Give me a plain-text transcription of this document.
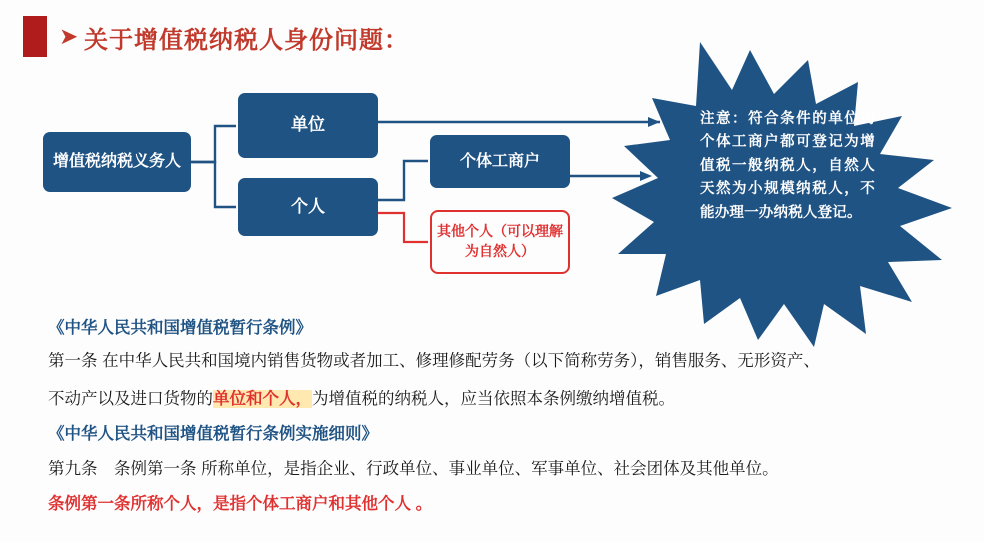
➤ 关于增值税纳税人身份问题：
注意：符合条件的单位的个体工商户都可登记为增值税一般纳税人，自然人天然为小规模纳税人，不能办理一办纳税人登记。
增值税纳税义务人
单位
个人
个体工商户
其他个人（可以理解为自然人）
《中华人民共和国增值税暂行条例》
第一条 在中华人民共和国境内销售货物或者加工、修理修配劳务（以下简称劳务），销售服务、无形资产、
不动产以及进口货物的单位和个人，为增值税的纳税人，应当依照本条例缴纳增值税。
《中华人民共和国增值税暂行条例实施细则》
第九条　条例第一条 所称单位，是指企业、行政单位、事业单位、军事单位、社会团体及其他单位。
条例第一条所称个人，是指个体工商户和其他个人 。
